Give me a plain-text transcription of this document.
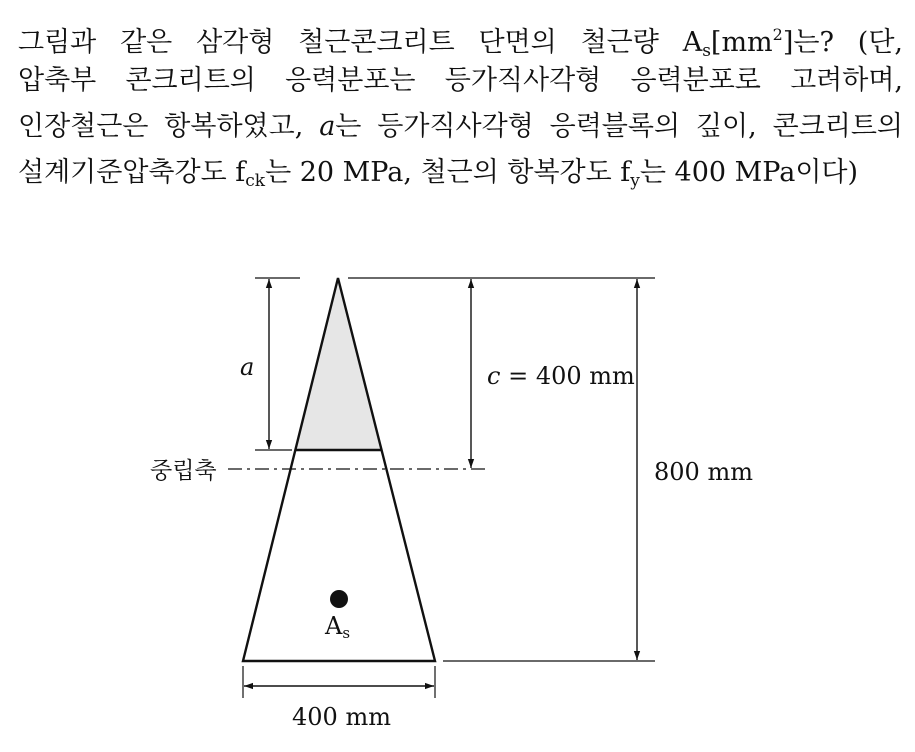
그림과 같은 삼각형 철근콘크리트 단면의 철근량 $A_s[mm^2]$는? (단,
압축부 콘크리트의 응력분포는 등가직사각형 응력분포로 고려하며,
인장철근은 항복하였고, a는 등가직사각형 응력블록의 깊이, 콘크리트의
설계기준압축강도 $f_{ck}$는 20 MPa, 철근의 항복강도 $f_y$는 400 MPa이다)
a	c = 400 mm
800 mm
400 mm
중립축
As
